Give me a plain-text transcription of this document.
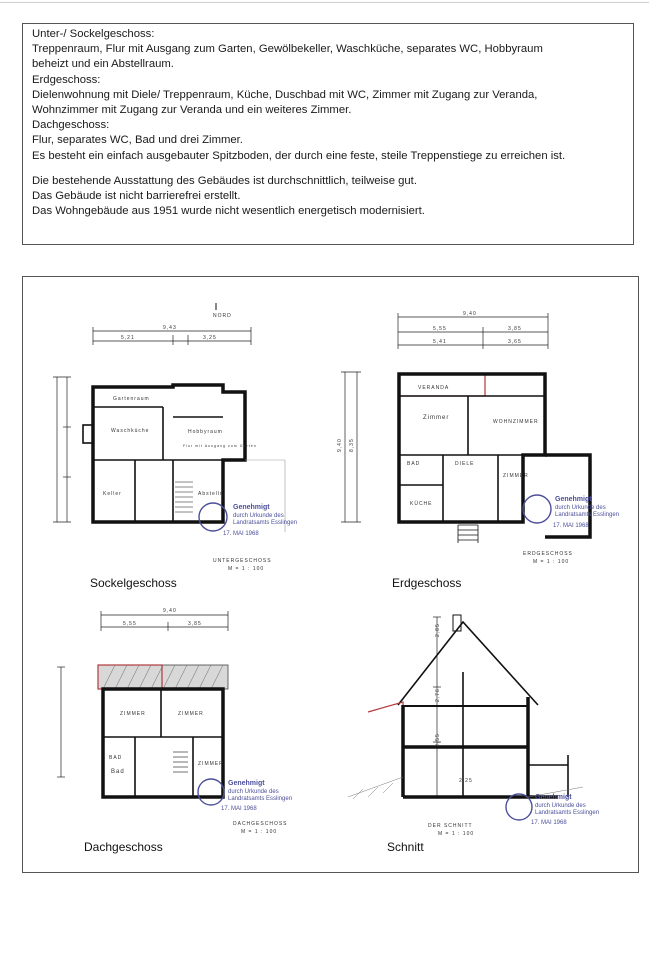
Unter-/ Sockelgeschoss:

Treppenraum, Flur mit Ausgang zum Garten, Gewölbekeller, Waschküche, separates WC, Hobbyraum

beheizt und ein Abstellraum.

Erdgeschoss:

Dielenwohnung mit Diele/ Treppenraum, Küche, Duschbad mit WC, Zimmer mit Zugang zur Veranda,

Wohnzimmer mit Zugang zur Veranda und ein weiteres Zimmer.

Dachgeschoss:

Flur, separates WC, Bad und drei Zimmer.

Es besteht ein einfach ausgebauter Spitzboden, der durch eine feste, steile Treppenstiege zu erreichen ist.

Die bestehende Ausstattung des Gebäudes ist durchschnittlich, teilweise gut.

Das Gebäude ist nicht barrierefrei erstellt.

Das Wohngebäude aus 1951 wurde nicht wesentlich energetisch modernisiert.

NORD
9,43
5,21	3,25
Gartenraum
Waschküche	Hobbyraum
Flur mit Ausgang zum Garten
Keller	Abstellr.
UNTERGESCHOSS
M = 1 : 100
9,40
5,55	3,85
5,41	3,65
9,40 8,35
VERANDA
Zimmer
WOHNZIMMER
BAD	DIELE
ZIMMER
KÜCHE
ERDGESCHOSS
M = 1 : 100
9,40
5,55	3,85
ZIMMER	ZIMMER
BAD
Bad
ZIMMER
DACHGESCHOSS
M = 1 : 100
2,85
2,76
2,55
2,25
DER SCHNITT
M = 1 : 100
Genehmigt
durch Urkunde des
Landratsamts Esslingen
17. MAI 1968
Genehmigt
durch Urkunde des
Landratsamts Esslingen
17. MAI 1968
Genehmigt
durch Urkunde des
Landratsamts Esslingen
17. MAI 1968
Genehmigt
durch Urkunde des
Landratsamts Esslingen
17. MAI 1968
Sockelgeschoss	Erdgeschoss
Dachgeschoss	Schnitt
